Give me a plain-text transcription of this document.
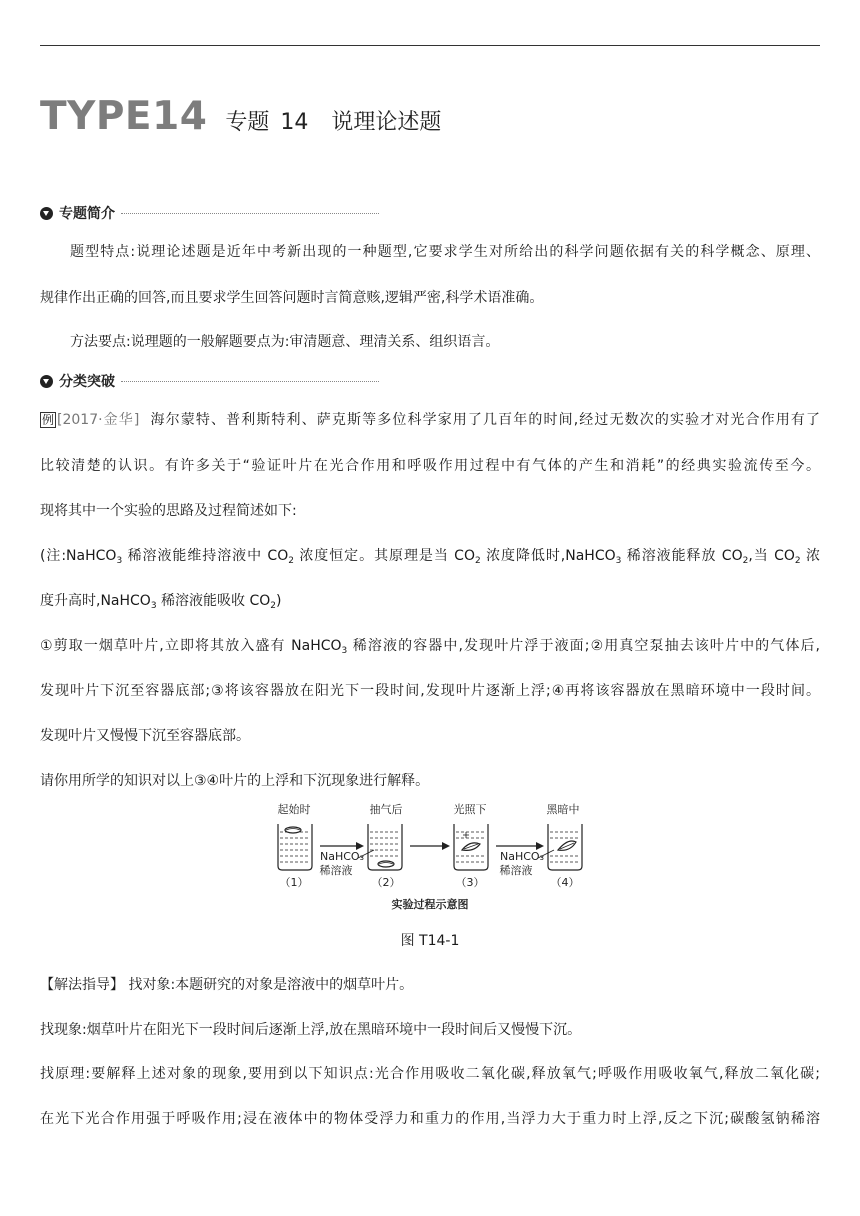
TYPE14 专题 14 说理论述题
专题简介
题型特点:说理论述题是近年中考新出现的一种题型,它要求学生对所给出的科学问题依据有关的科学概念、原理、
规律作出正确的回答,而且要求学生回答问题时言简意赅,逻辑严密,科学术语准确。
方法要点:说理题的一般解题要点为:审清题意、理清关系、组织语言。
分类突破
例 [2017·金华] 海尔蒙特、普利斯特利、萨克斯等多位科学家用了几百年的时间,经过无数次的实验才对光合作用有了
比较清楚的认识。有许多关于“验证叶片在光合作用和呼吸作用过程中有气体的产生和消耗”的经典实验流传至今。
现将其中一个实验的思路及过程简述如下:
(注:NaHCO$_3$ 稀溶液能维持溶液中 $CO_2$ 浓度恒定。其原理是当 $CO_2$ 浓度降低时,NaHCO$_3$ 稀溶液能释放 $CO_2$,当 $CO_2$ 浓
度升高时,NaHCO$_3$ 稀溶液能吸收 $CO_2$)
①剪取一烟草叶片,立即将其放入盛有 NaHCO$_3$ 稀溶液的容器中,发现叶片浮于液面;②用真空泵抽去该叶片中的气体后,
发现叶片下沉至容器底部;③将该容器放在阳光下一段时间,发现叶片逐渐上浮;④再将该容器放在黑暗环境中一段时间。
发现叶片又慢慢下沉至容器底部。
请你用所学的知识对以上③④叶片的上浮和下沉现象进行解释。
起始时	抽气后	光照下	黑暗中
NaHCO₃
稀溶液
NaHCO₃
稀溶液
（1）	（2）	（3）	（4）
实验过程示意图
图 T14-1
【解法指导】 找对象:本题研究的对象是溶液中的烟草叶片。
找现象:烟草叶片在阳光下一段时间后逐渐上浮,放在黑暗环境中一段时间后又慢慢下沉。
找原理:要解释上述对象的现象,要用到以下知识点:光合作用吸收二氧化碳,释放氧气;呼吸作用吸收氧气,释放二氧化碳;
在光下光合作用强于呼吸作用;浸在液体中的物体受浮力和重力的作用,当浮力大于重力时上浮,反之下沉;碳酸氢钠稀溶
